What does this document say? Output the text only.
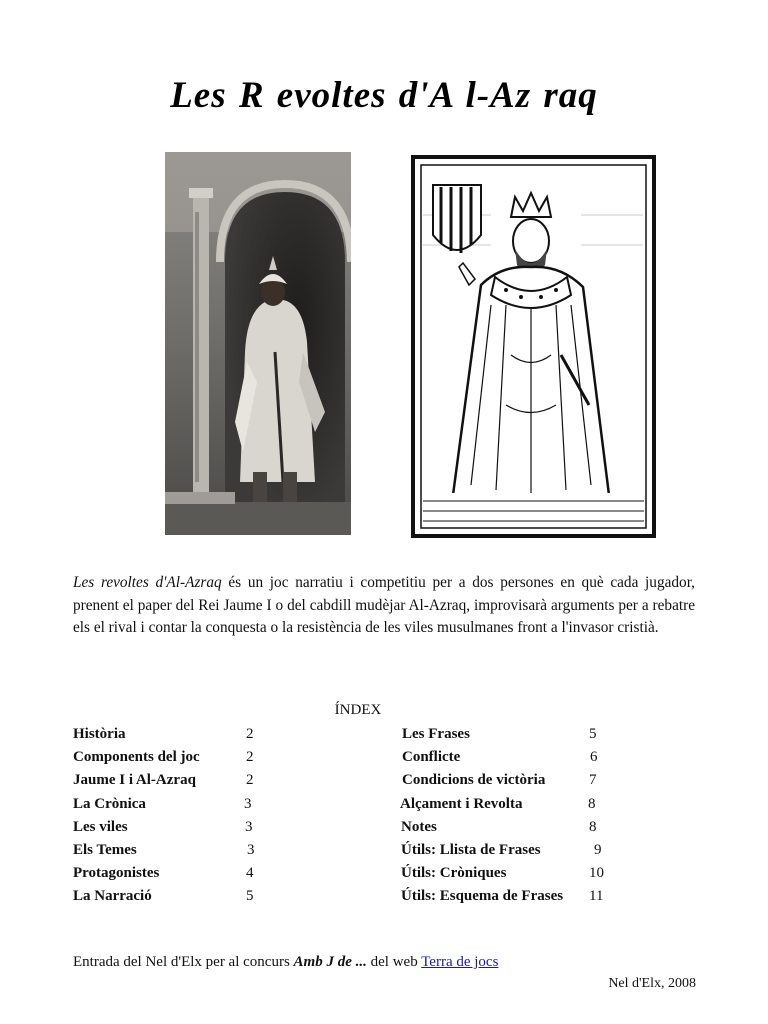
Les R evoltes d'A l-Az raq

Les revoltes d'Al-Azraq és un joc narratiu i competitiu per a dos persones en què cada jugador, prenent el paper del Rei Jaume I o del cabdill mudèjar Al-Azraq, improvisarà arguments per a rebatre els el rival i contar la conquesta o la resistència de les viles musulmanes front a l'invasor cristià.

ÍNDEX

Història	2
Components del joc	2
Jaume I i Al-Azraq	2
La Crònica	3
Les viles	3
Els Temes	3
Protagonistes	4
La Narració	5
Les Frases	5
Conflicte	6
Condicions de victòria	7
Alçament i Revolta	8
Notes	8
Útils: Llista de Frases	9
Útils: Cròniques	10
Útils: Esquema de Frases 11

Entrada del Nel d'Elx per al concurs Amb J de ... del web Terra de jocs

Nel d'Elx, 2008
